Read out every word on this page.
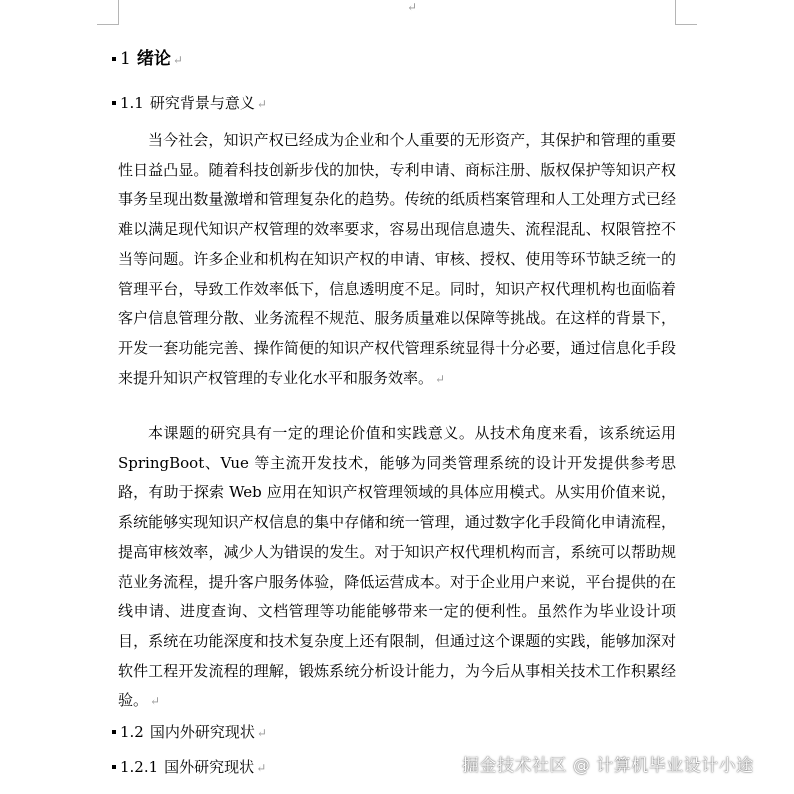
↵
1 绪论 ↵
1.1 研究背景与意义 ↵
当今社会，知识产权已经成为企业和个人重要的无形资产，其保护和管理的重要性日益凸显。随着科技创新步伐的加快，专利申请、商标注册、版权保护等知识产权事务呈现出数量激增和管理复杂化的趋势。传统的纸质档案管理和人工处理方式已经难以满足现代知识产权管理的效率要求，容易出现信息遗失、流程混乱、权限管控不当等问题。许多企业和机构在知识产权的申请、审核、授权、使用等环节缺乏统一的管理平台，导致工作效率低下，信息透明度不足。同时，知识产权代理机构也面临着客户信息管理分散、业务流程不规范、服务质量难以保障等挑战。在这样的背景下，开发一套功能完善、操作简便的知识产权代管理系统显得十分必要，通过信息化手段来提升知识产权管理的专业化水平和服务效率。 ↵
本课题的研究具有一定的理论价值和实践意义。从技术角度来看，该系统运用 SpringBoot、Vue 等主流开发技术，能够为同类管理系统的设计开发提供参考思路，有助于探索 Web 应用在知识产权管理领域的具体应用模式。从实用价值来说，系统能够实现知识产权信息的集中存储和统一管理，通过数字化手段简化申请流程，提高审核效率，减少人为错误的发生。对于知识产权代理机构而言，系统可以帮助规范业务流程，提升客户服务体验，降低运营成本。对于企业用户来说，平台提供的在线申请、进度查询、文档管理等功能能够带来一定的便利性。虽然作为毕业设计项目，系统在功能深度和技术复杂度上还有限制，但通过这个课题的实践，能够加深对软件工程开发流程的理解，锻炼系统分析设计能力，为今后从事相关技术工作积累经验。 ↵
1.2 国内外研究现状 ↵
1.2.1 国外研究现状 ↵	掘金技术社区 @ 计算机毕业设计小途
